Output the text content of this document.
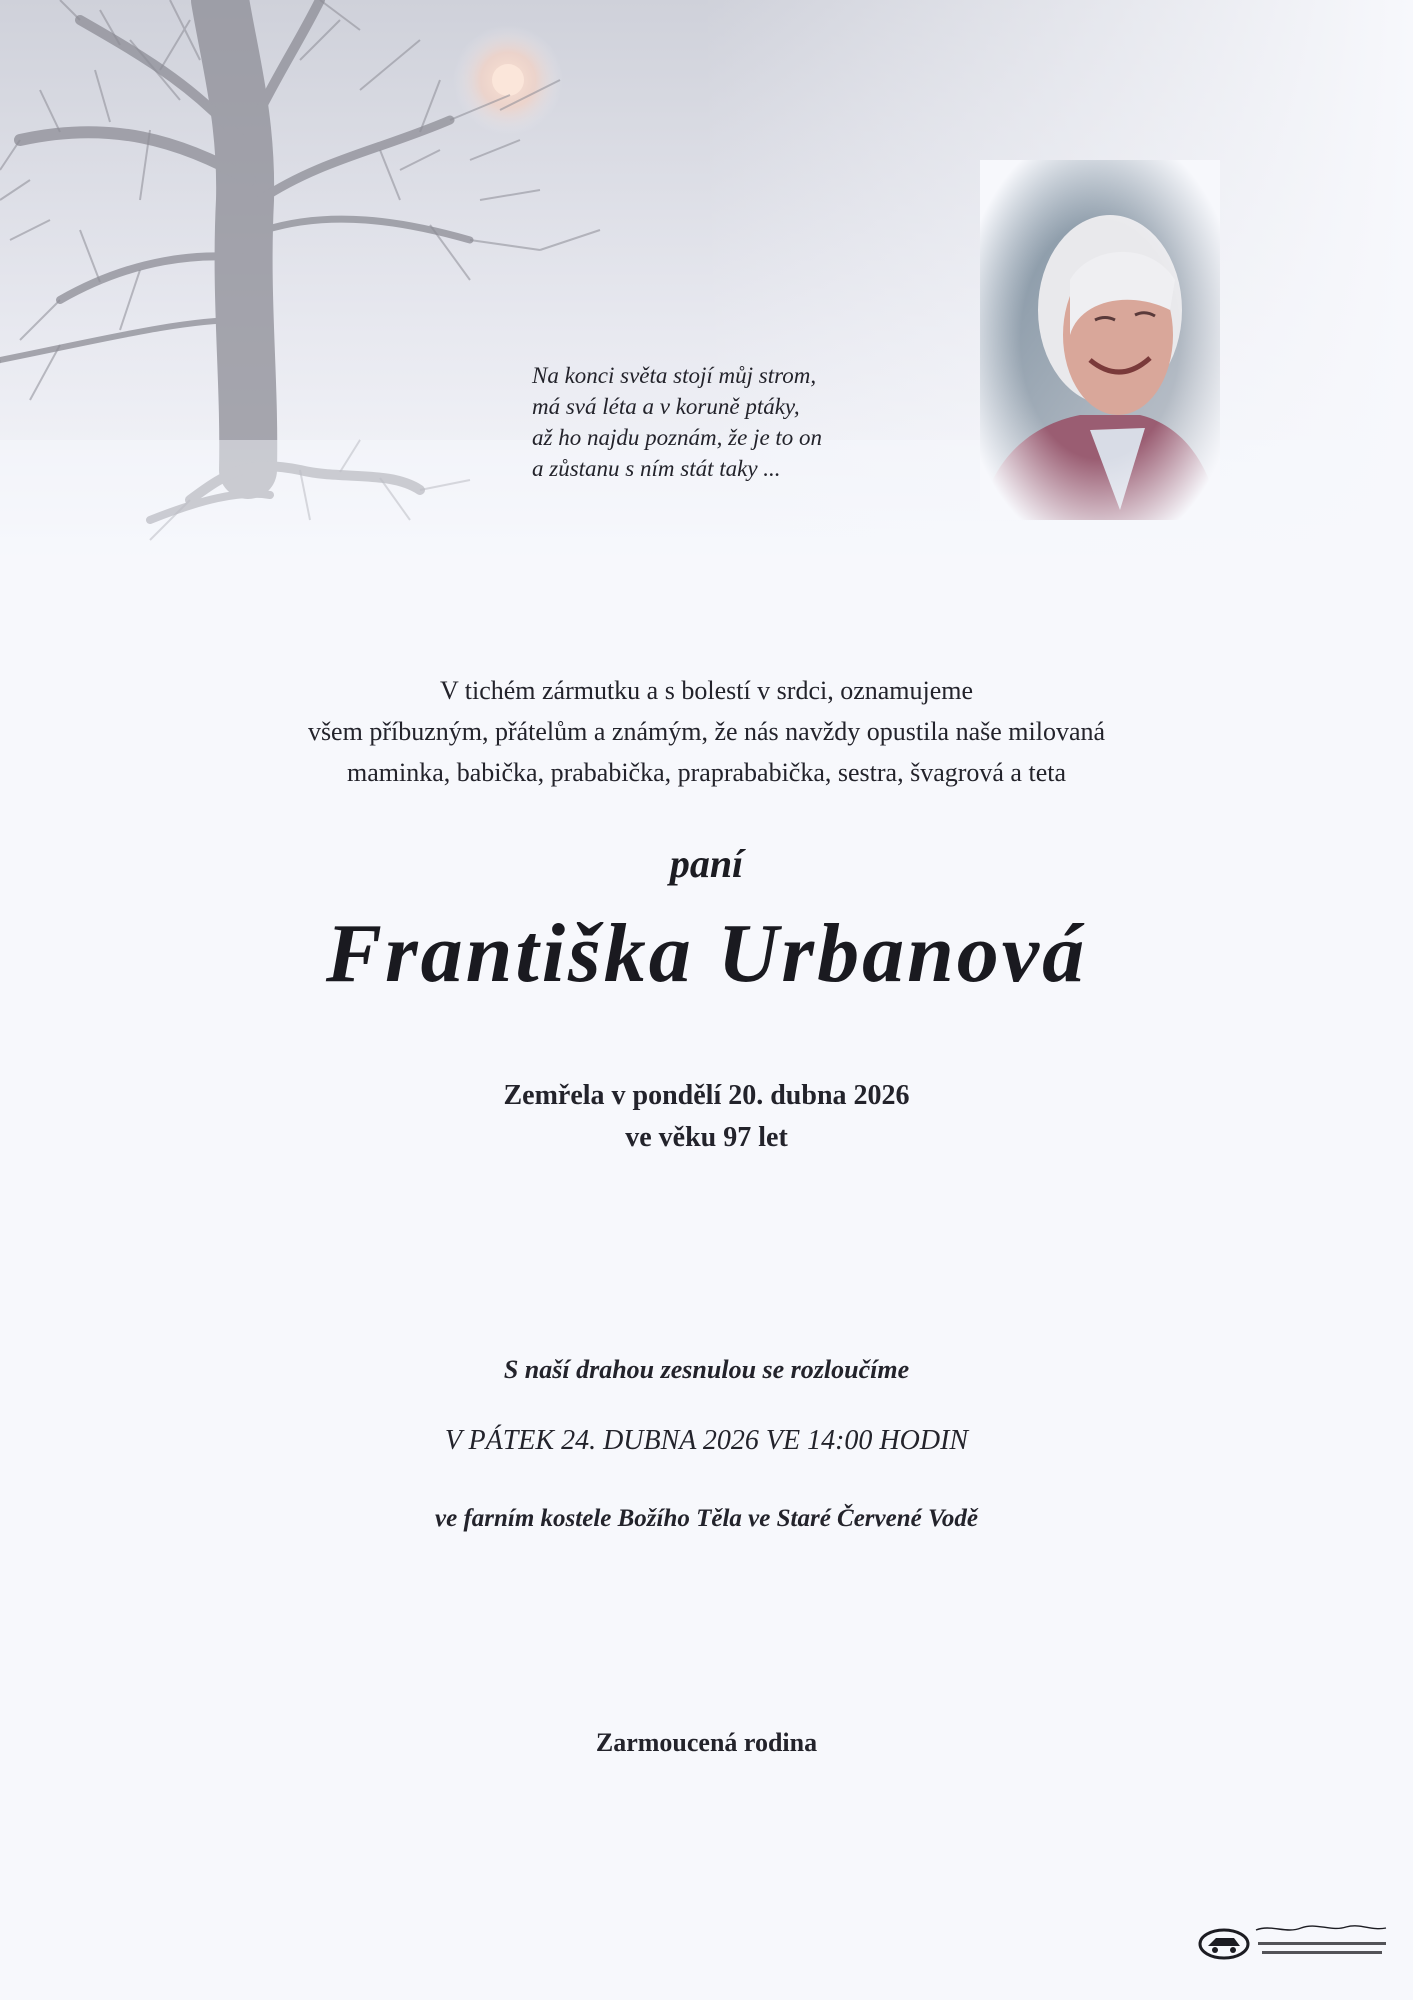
Na konci světa stojí můj strom,
má svá léta a v koruně ptáky,
až ho najdu poznám, že je to on
a zůstanu s ním stát taky ...
V tichém zármutku a s bolestí v srdci, oznamujeme
všem příbuzným, přátelům a známým, že nás navždy opustila naše milovaná
maminka, babička, prababička, praprababička, sestra, švagrová a teta
paní
Františka Urbanová
Zemřela v pondělí 20. dubna 2026
ve věku 97 let
S naší drahou zesnulou se rozloučíme
V PÁTEK 24. DUBNA 2026 VE 14:00 HODIN
ve farním kostele Božího Těla ve Staré Červené Vodě
Zarmoucená rodina
